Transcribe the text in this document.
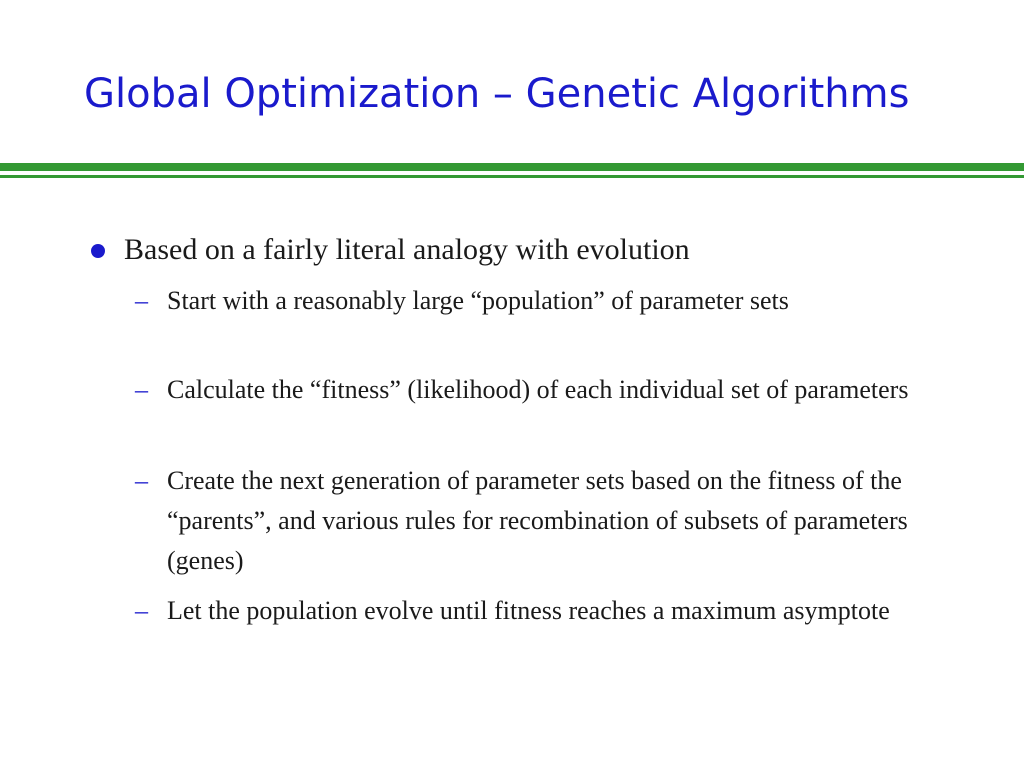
Global Optimization – Genetic Algorithms
Based on a fairly literal analogy with evolution
– Start with a reasonably large “population” of parameter sets
– Calculate the “fitness” (likelihood) of each individual set of parameters
– Create the next generation of parameter sets based on the fitness of the “parents”, and various rules for recombination of subsets of parameters (genes)
– Let the population evolve until fitness reaches a maximum asymptote
